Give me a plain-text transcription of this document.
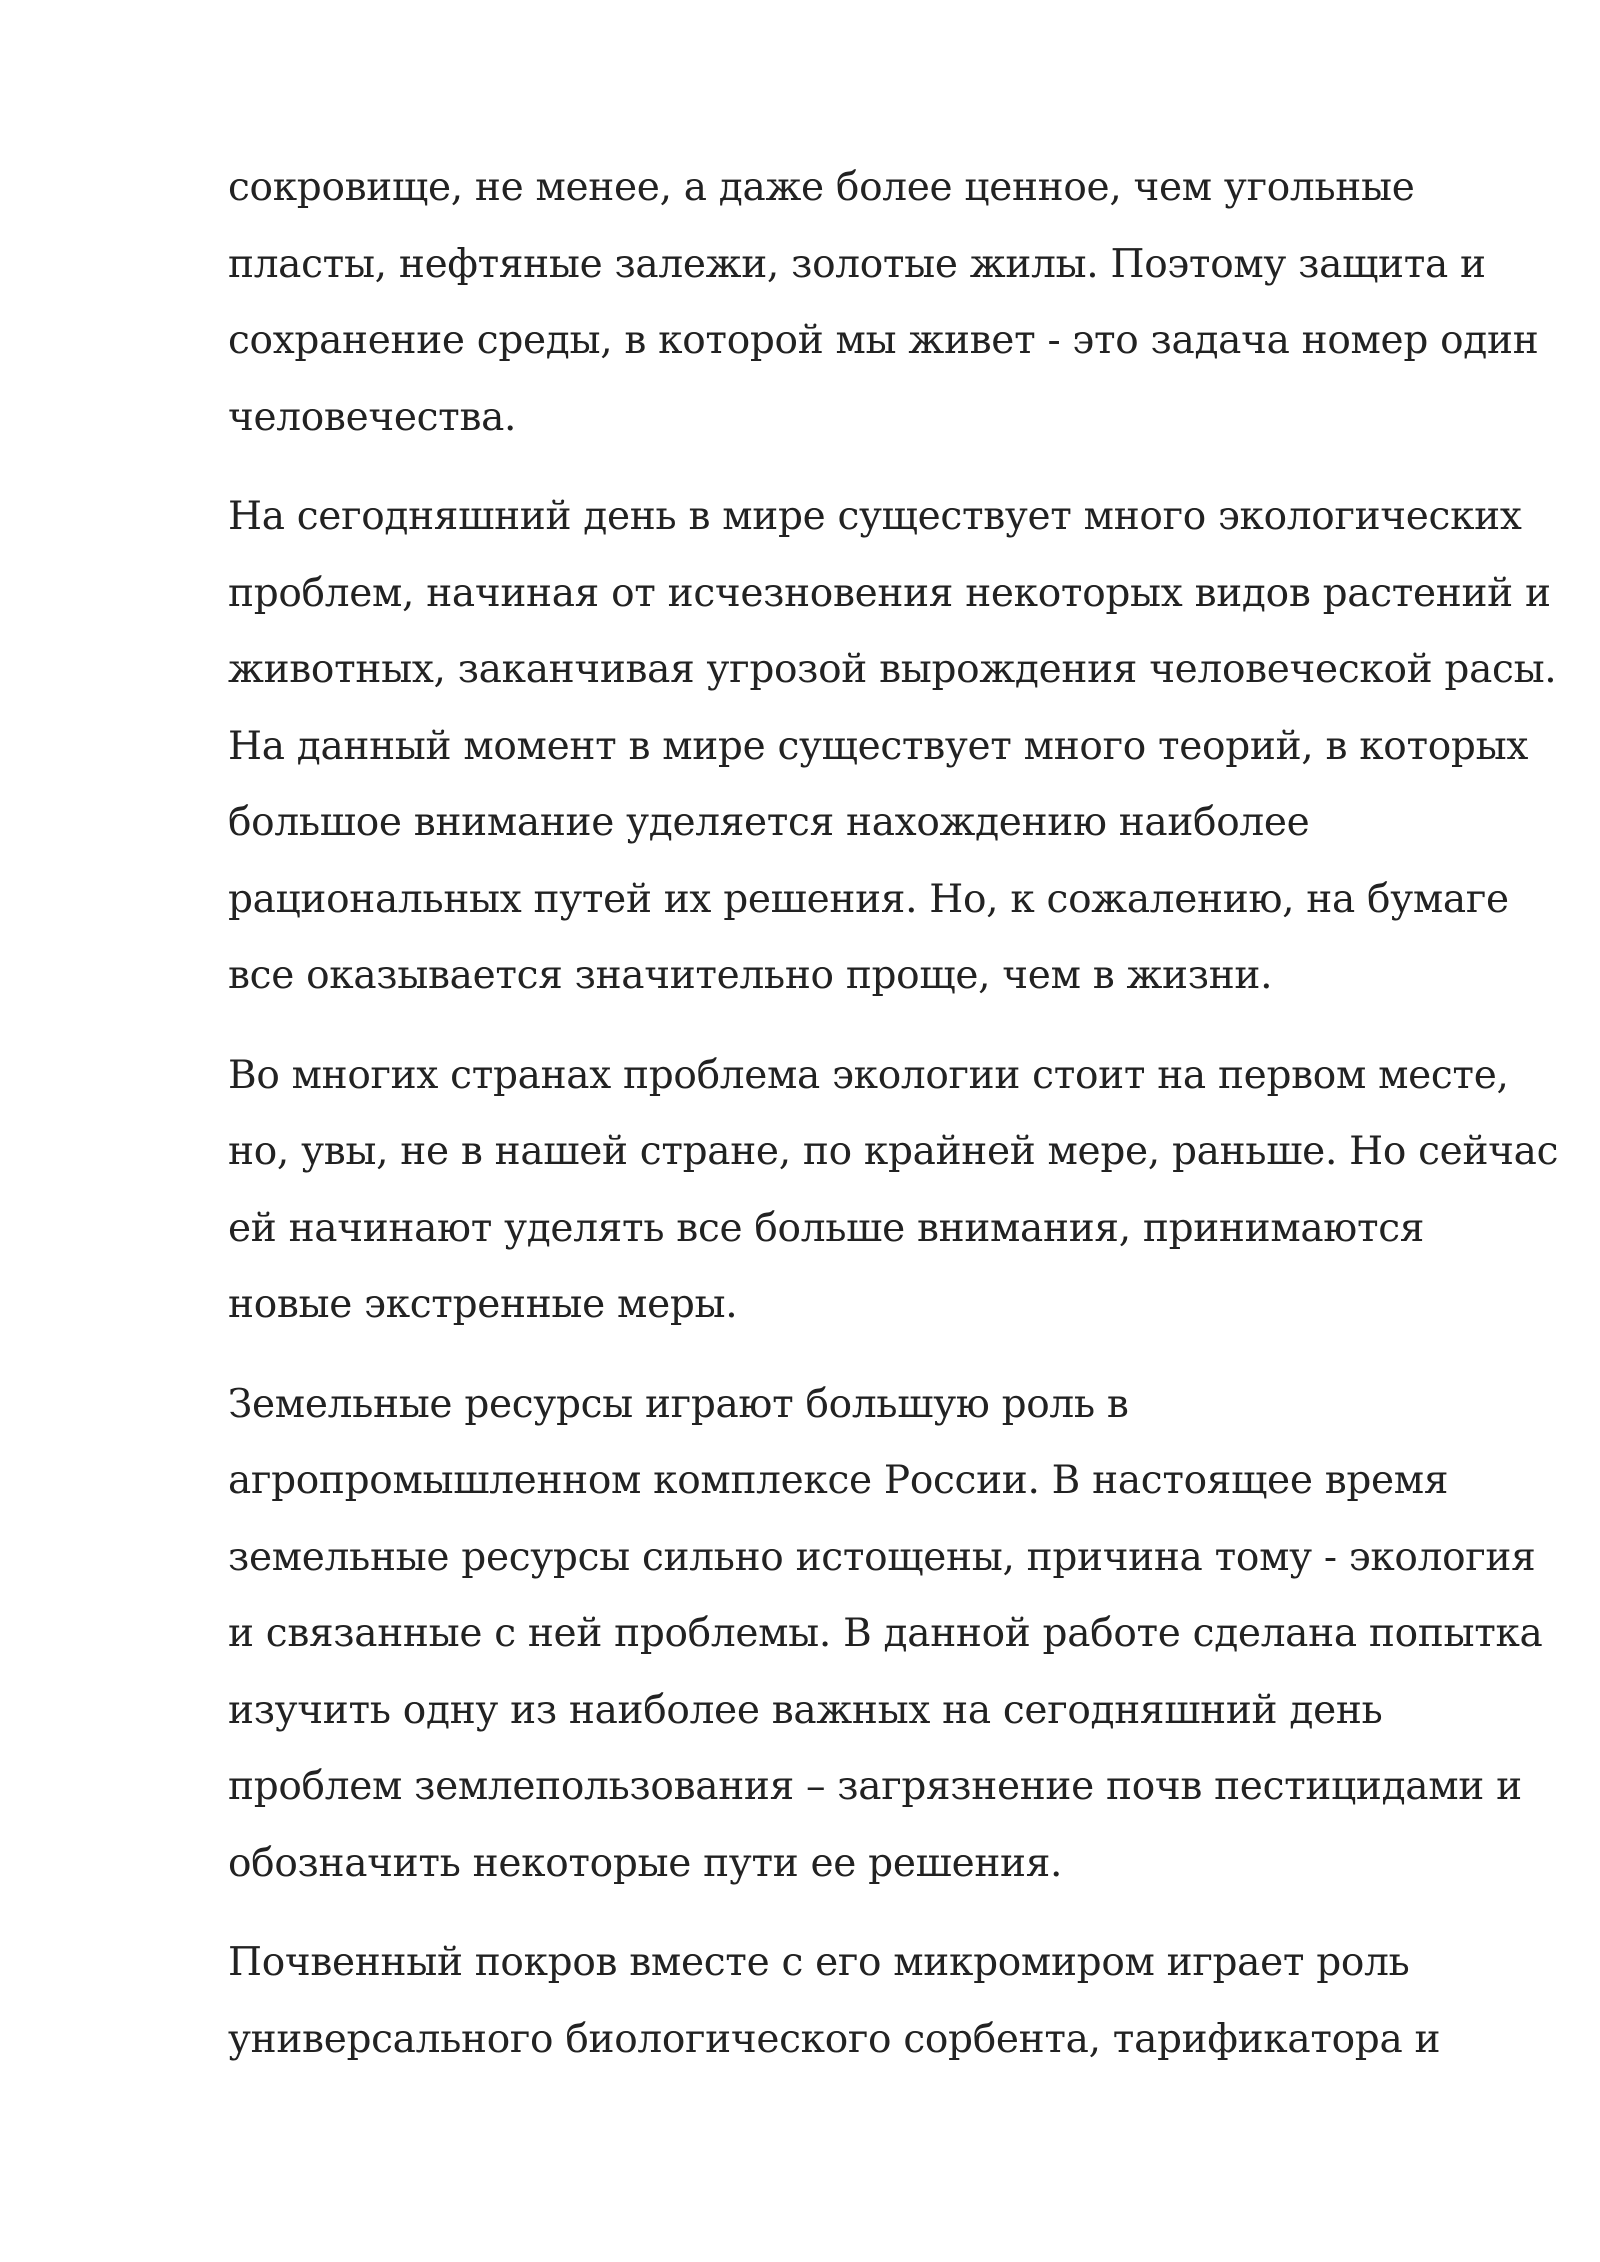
сокровище, не менее, а даже более ценное, чем угольные
пласты, нефтяные залежи, золотые жилы. Поэтому защита и
сохранение среды, в которой мы живет - это задача номер один
человечества.

На сегодняшний день в мире существует много экологических
проблем, начиная от исчезновения некоторых видов растений и
животных, заканчивая угрозой вырождения человеческой расы.
На данный момент в мире существует много теорий, в которых
большое внимание уделяется нахождению наиболее
рациональных путей их решения. Но, к сожалению, на бумаге
все оказывается значительно проще, чем в жизни.

Во многих странах проблема экологии стоит на первом месте,
но, увы, не в нашей стране, по крайней мере, раньше. Но сейчас
ей начинают уделять все больше внимания, принимаются
новые экстренные меры.

Земельные ресурсы играют большую роль в
агропромышленном комплексе России. В настоящее время
земельные ресурсы сильно истощены, причина тому - экология
и связанные с ней проблемы. В данной работе сделана попытка
изучить одну из наиболее важных на сегодняшний день
проблем землепользования – загрязнение почв пестицидами и
обозначить некоторые пути ее решения.

Почвенный покров вместе с его микромиром играет роль
универсального биологического сорбента, тарификатора и
